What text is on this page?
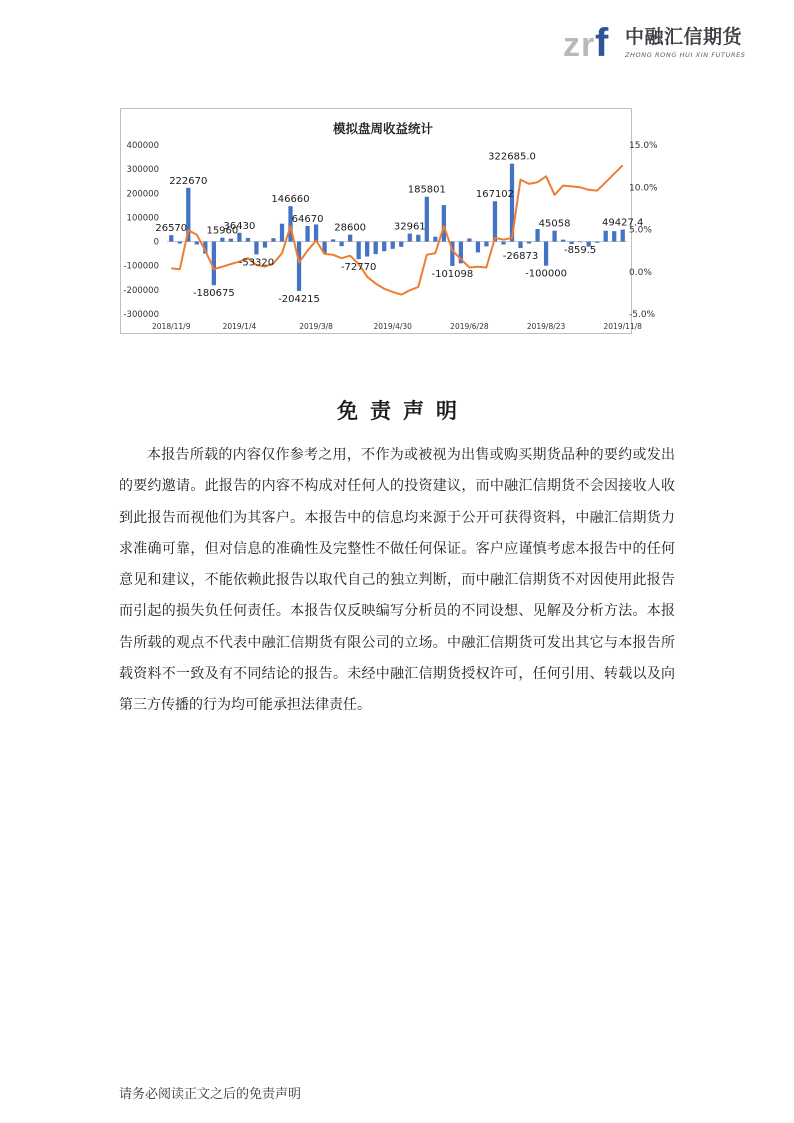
z r f 中融汇信期货
ZHONG RONG HUI XIN FUTURES
模拟盘周收益统计
26570
222670
-180675
15960
36430
-53320
146660
-204215
64670
28600
-72770
32961
185801
-101098
167102
322685.0
-26873
-100000
45058
-859.5
49427.4
400000
300000
200000
100000
0
-100000
-200000
-300000
15.0%
10.0%
5.0%
0.0%
-5.0%
2018/11/9	2019/1/4	2019/3/8	2019/4/30	2019/6/28	2019/8/23	2019/11/8
免责声明
本报告所载的内容仅作参考之用，不作为或被视为出售或购买期货品种的要约或发出的要约邀请。此报告的内容不构成对任何人的投资建议，而中融汇信期货不会因接收人收到此报告而视他们为其客户。本报告中的信息均来源于公开可获得资料，中融汇信期货力求准确可靠，但对信息的准确性及完整性不做任何保证。客户应谨慎考虑本报告中的任何意见和建议，不能依赖此报告以取代自己的独立判断，而中融汇信期货不对因使用此报告而引起的损失负任何责任。本报告仅反映编写分析员的不同设想、见解及分析方法。本报告所载的观点不代表中融汇信期货有限公司的立场。中融汇信期货可发出其它与本报告所载资料不一致及有不同结论的报告。未经中融汇信期货授权许可，任何引用、转载以及向第三方传播的行为均可能承担法律责任。
请务必阅读正文之后的免责声明
